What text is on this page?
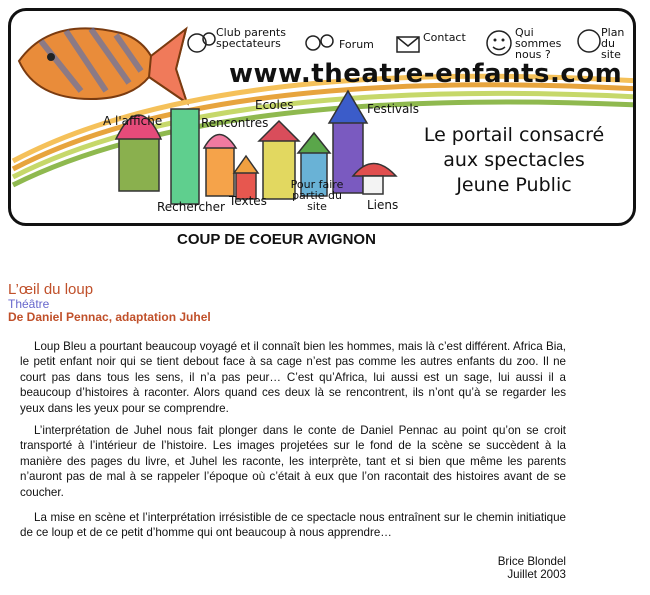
Club parents spectateurs	Forum
Contact	Qui sommes nous ?
Plan du site
www.theatre-enfants.com
A l'affiche	Rencontres
Ecoles	Festivals
Rechercher Textes
Pour faire partie du site	Liens
Le portail consacré
aux spectacles
Jeune Public
COUP DE COEUR AVIGNON
L’œil du loup
Théâtre
De Daniel Pennac, adaptation Juhel

Loup Bleu a pourtant beaucoup voyagé et il connaît bien les hommes, mais là c’est différent. Africa Bia, le petit enfant noir qui se tient debout face à sa cage n’est pas comme les autres enfants du zoo. Il ne court pas dans tous les sens, il n’a pas peur… C’est qu’Africa, lui aussi est un sage, lui aussi il a beaucoup d’histoires à raconter. Alors quand ces deux là se rencontrent, ils n’ont qu’à se regarder les yeux dans les yeux pour se comprendre.

L’interprétation de Juhel nous fait plonger dans le conte de Daniel Pennac au point qu’on se croit transporté à l’intérieur de l’histoire. Les images projetées sur le fond de la scène se succèdent à la manière des pages du livre, et Juhel les raconte, les interprète, tant et si bien que même les parents n’auront pas de mal à se rappeler l’époque où c’était à eux que l’on racontait des histoires avant de se coucher.

La mise en scène et l’interprétation irrésistible de ce spectacle nous entraînent sur le chemin initiatique de ce loup et de ce petit d’homme qui ont beaucoup à nous apprendre…

Brice Blondel
Juillet 2003
